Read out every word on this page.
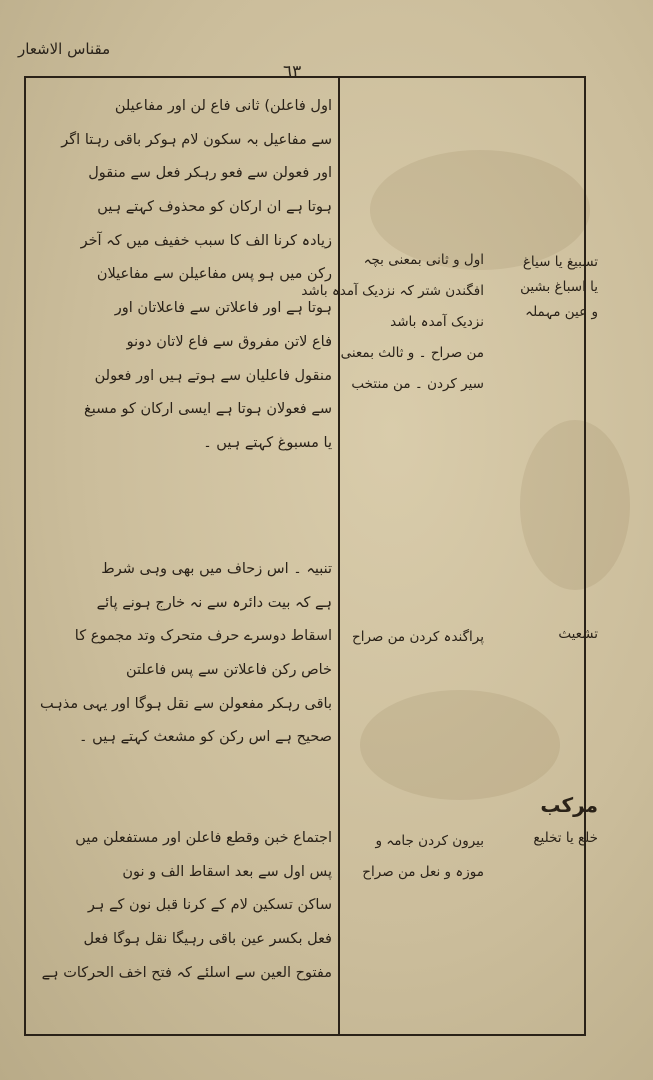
مقناس الاشعار
٦٣
اول فاعلن) ثانی فاع لن اور مفاعیلن
سے مفاعیل بہ سکون لام ہوکر باقی رہتا اگر
اور فعولن سے فعو رہکر فعل سے منقول
ہوتا ہے ان ارکان کو محذوف کہتے ہیں
زیادہ کرنا الف کا سبب خفیف میں کہ آخر
رکن میں ہو پس مفاعیلن سے مفاعیلان
ہوتا ہے اور فاعلاتن سے فاعلاتان اور
فاع لاتن مفروق سے فاع لاتان دونو
منقول فاعلیان سے ہوتے ہیں اور فعولن
سے فعولان ہوتا ہے ایسی ارکان کو مسبغ
یا مسبوغ کہتے ہیں ۔
تنبیہ ۔ اس زحاف میں بھی وہی شرط
ہے کہ بیت دائرہ سے نہ خارج ہونے پائے
اسقاط دوسرے حرف متحرک وتد مجموع کا
خاص رکن فاعلاتن سے پس فاعلتن
باقی رہکر مفعولن سے نقل ہوگا اور یہی مذہب
صحیح ہے اس رکن کو مشعث کہتے ہیں ۔
اجتماع خبن وقطع فاعلن اور مستفعلن میں
پس اول سے بعد اسقاط الف و نون
ساکن تسکین لام کے کرنا قبل نون کے ہر
فعل بکسر عین باقی رہیگا نقل ہوگا فعل
مفتوح العین سے اسلئے کہ فتح اخف الحرکات ہے
اول و ثانی بمعنی بچہ
افگندن شتر کہ نزدیک آمدہ باشد
نزدیک آمدہ باشد
من صراح ۔ و ثالث بمعنی
سیر کردن ۔ من منتخب
پراگندہ کردن من صراح
بیرون کردن جامہ و
موزہ و نعل من صراح
تسبیغ یا سیاغ
یا اسباغ بشین
و عین مہملہ
تشعیث
مرکب
خلع یا تخلیع
